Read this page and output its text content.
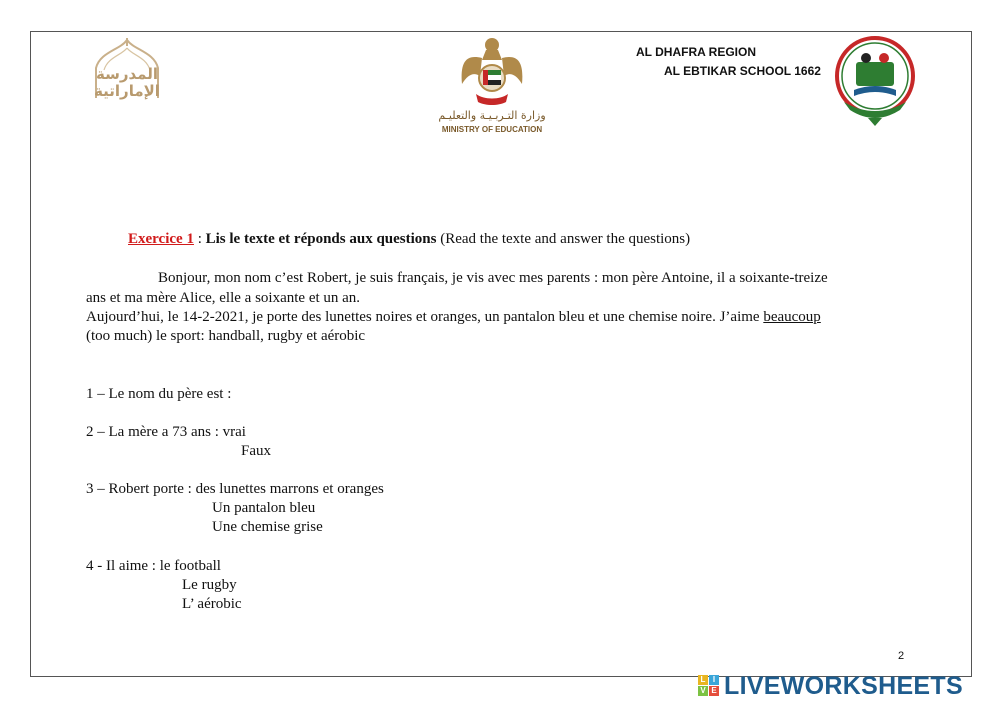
المدرسة
الإماراتية
وزارة التـربـيـة والتعليـم
MINISTRY OF EDUCATION
AL DHAFRA REGION
AL EBTIKAR SCHOOL 1662
Exercice 1 : Lis le texte et réponds aux questions (Read the texte and answer the questions)
Bonjour, mon nom c’est Robert, je suis français, je vis avec mes parents : mon père Antoine, il a soixante-treize
ans et ma mère Alice, elle a soixante et un an.
Aujourd’hui, le 14-2-2021, je porte des lunettes noires et oranges, un pantalon bleu et une chemise noire. J’aime beaucoup
(too much) le sport: handball, rugby et aérobic
1 – Le nom du père est :
2 – La mère a 73 ans : vrai
Faux
3 – Robert porte : des lunettes marrons et oranges
Un pantalon bleu
Une chemise grise
4 - Il aime : le football
Le rugby
L’ aérobic
2
L I
V E LIVEWORKSHEETS
